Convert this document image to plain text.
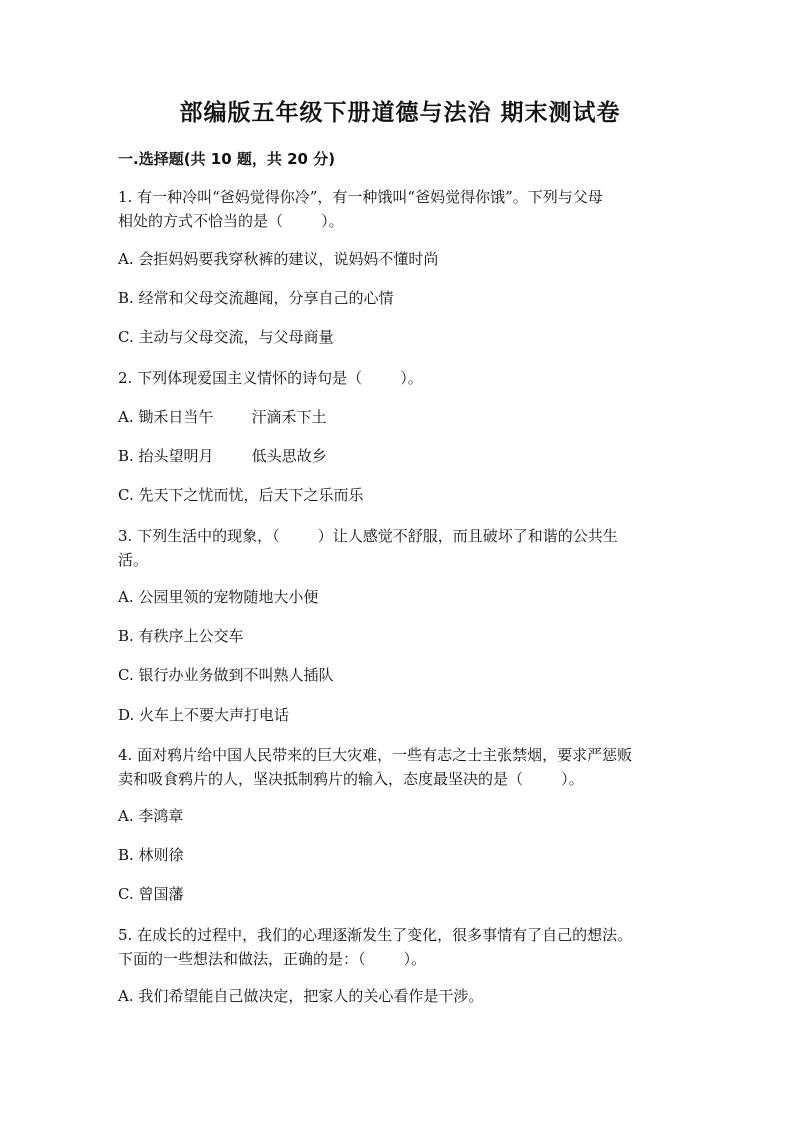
部编版五年级下册道德与法治 期末测试卷
一.选择题(共 10 题，共 20 分)
1. 有一种冷叫“爸妈觉得你冷”，有一种饿叫“爸妈觉得你饿”。下列与父母
相处的方式不恰当的是（        ）。
A. 会拒妈妈要我穿秋裤的建议，说妈妈不懂时尚
B. 经常和父母交流趣闻，分享自己的心情
C. 主动与父母交流，与父母商量
2. 下列体现爱国主义情怀的诗句是（        ）。
A. 锄禾日当午        汗滴禾下土
B. 抬头望明月        低头思故乡
C. 先天下之忧而忧，后天下之乐而乐
3. 下列生活中的现象，（        ）让人感觉不舒服，而且破坏了和谐的公共生
活。
A. 公园里领的宠物随地大小便
B. 有秩序上公交车
C. 银行办业务做到不叫熟人插队
D. 火车上不要大声打电话
4. 面对鸦片给中国人民带来的巨大灾难，一些有志之士主张禁烟，要求严惩贩
卖和吸食鸦片的人，坚决抵制鸦片的输入，态度最坚决的是（        ）。
A. 李鸿章
B. 林则徐
C. 曾国藩
5. 在成长的过程中，我们的心理逐渐发生了变化，很多事情有了自己的想法。
下面的一些想法和做法，正确的是：（        ）。
A. 我们希望能自己做决定，把家人的关心看作是干涉。
